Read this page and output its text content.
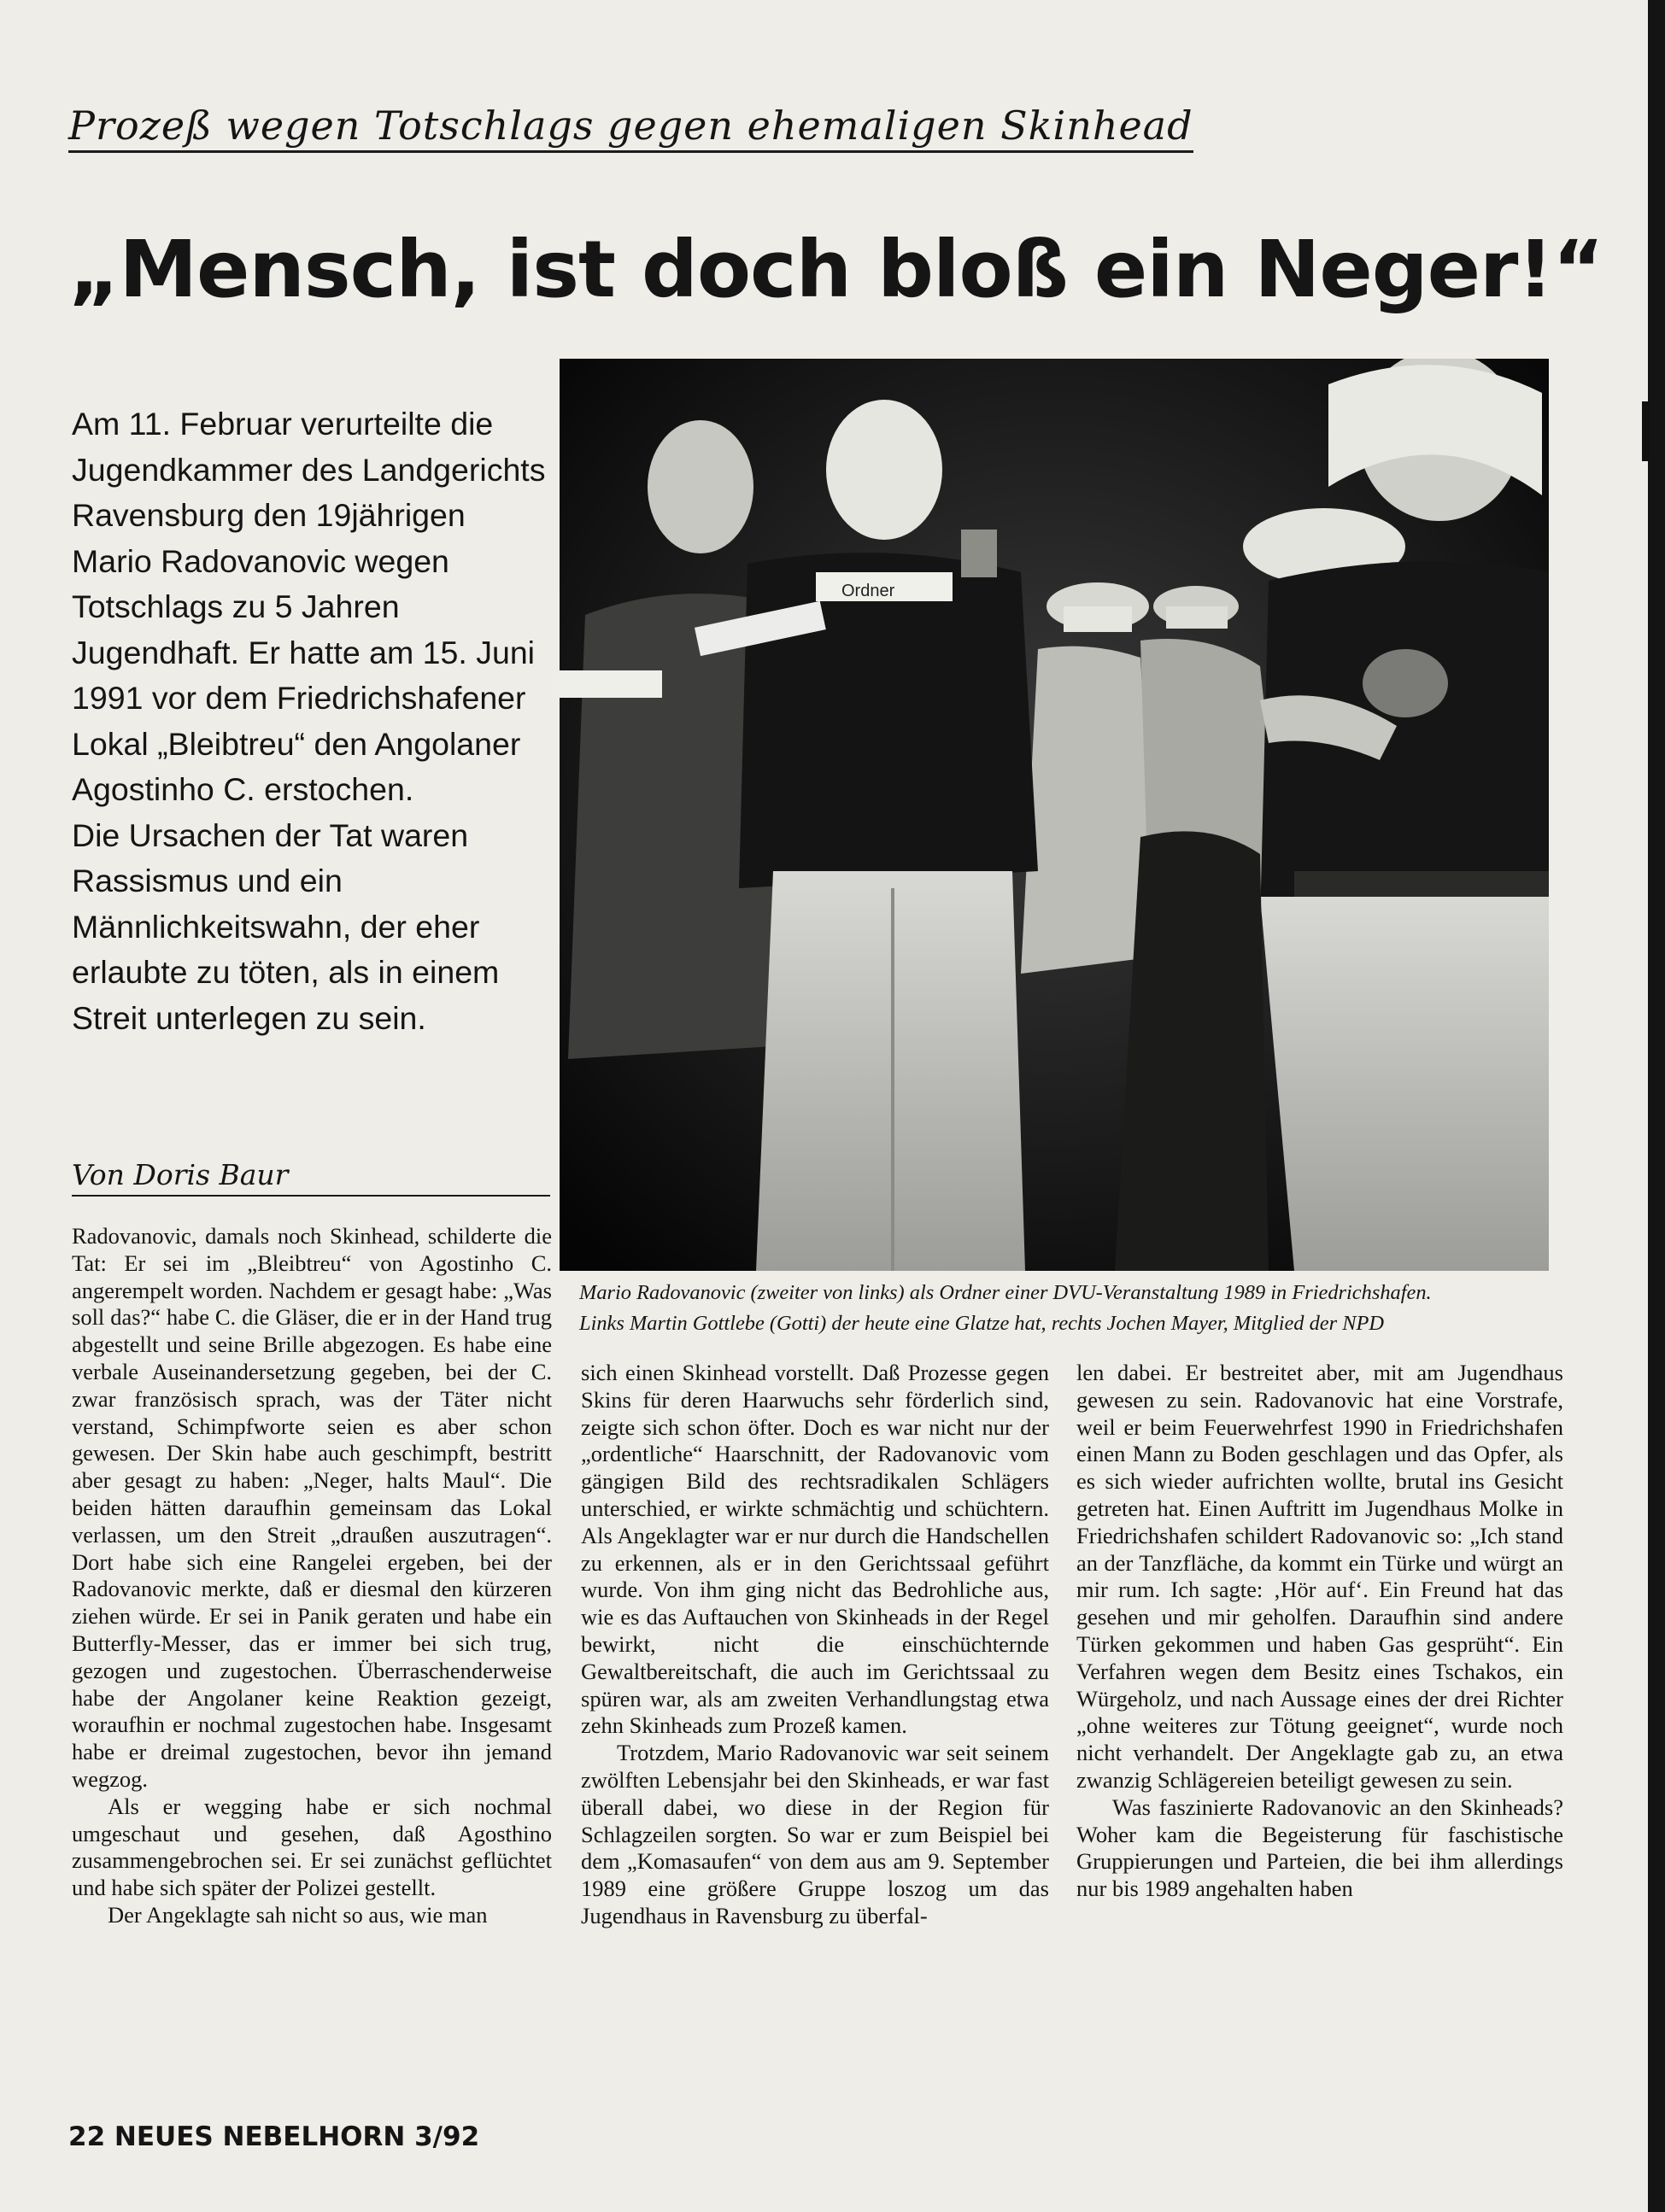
Prozeß wegen Totschlags gegen ehemaligen Skinhead
„Mensch, ist doch bloß ein Neger!“

Am 11. Februar verurteilte die Jugendkammer des Landgerichts Ravensburg den 19jährigen Mario Radovanovic wegen Totschlags zu 5 Jahren Jugendhaft. Er hatte am 15. Juni 1991 vor dem Friedrichshafener Lokal „Bleibtreu“ den Angolaner Agostinho C. erstochen.

Die Ursachen der Tat waren Rassismus und ein Männlichkeitswahn, der eher erlaubte zu töten, als in einem Streit unterlegen zu sein.

Von Doris Baur
Ordner
Mario Radovanovic (zweiter von links) als Ordner einer DVU-Veranstaltung 1989 in Friedrichshafen.
Links Martin Gottlebe (Gotti) der heute eine Glatze hat, rechts Jochen Mayer, Mitglied der NPD

Radovanovic, damals noch Skinhead, schilderte die Tat: Er sei im „Bleibtreu“ von Agostinho C. angerempelt worden. Nachdem er gesagt habe: „Was soll das?“ habe C. die Gläser, die er in der Hand trug abgestellt und seine Brille abgezogen. Es habe eine verbale Auseinandersetzung gegeben, bei der C. zwar französisch sprach, was der Täter nicht verstand, Schimpfworte seien es aber schon gewesen. Der Skin habe auch geschimpft, bestritt aber gesagt zu haben: „Neger, halts Maul“. Die beiden hätten daraufhin gemeinsam das Lokal verlassen, um den Streit „draußen auszutragen“. Dort habe sich eine Rangelei ergeben, bei der Radovanovic merkte, daß er diesmal den kürzeren ziehen würde. Er sei in Panik geraten und habe ein Butterfly-Messer, das er immer bei sich trug, gezogen und zugestochen. Überraschenderweise habe der Angolaner keine Reaktion gezeigt, woraufhin er nochmal zugestochen habe. Insgesamt habe er dreimal zugestochen, bevor ihn jemand wegzog.

Als er wegging habe er sich nochmal umgeschaut und gesehen, daß Agosthino zusammengebrochen sei. Er sei zunächst geflüchtet und habe sich später der Polizei gestellt.

Der Angeklagte sah nicht so aus, wie man

sich einen Skinhead vorstellt. Daß Prozesse gegen Skins für deren Haarwuchs sehr förderlich sind, zeigte sich schon öfter. Doch es war nicht nur der „ordentliche“ Haarschnitt, der Radovanovic vom gängigen Bild des rechtsradikalen Schlägers unterschied, er wirkte schmächtig und schüchtern. Als Angeklagter war er nur durch die Handschellen zu erkennen, als er in den Gerichtssaal geführt wurde. Von ihm ging nicht das Bedrohliche aus, wie es das Auftauchen von Skinheads in der Regel bewirkt, nicht die einschüchternde Gewaltbereitschaft, die auch im Gerichtssaal zu spüren war, als am zweiten Verhandlungstag etwa zehn Skinheads zum Prozeß kamen.

Trotzdem, Mario Radovanovic war seit seinem zwölften Lebensjahr bei den Skinheads, er war fast überall dabei, wo diese in der Region für Schlagzeilen sorgten. So war er zum Beispiel bei dem „Komasaufen“ von dem aus am 9. September 1989 eine größere Gruppe loszog um das Jugendhaus in Ravensburg zu überfal-

len dabei. Er bestreitet aber, mit am Jugendhaus gewesen zu sein. Radovanovic hat eine Vorstrafe, weil er beim Feuerwehrfest 1990 in Friedrichshafen einen Mann zu Boden geschlagen und das Opfer, als es sich wieder aufrichten wollte, brutal ins Gesicht getreten hat. Einen Auftritt im Jugendhaus Molke in Friedrichshafen schildert Radovanovic so: „Ich stand an der Tanzfläche, da kommt ein Türke und würgt an mir rum. Ich sagte: ‚Hör auf‘. Ein Freund hat das gesehen und mir geholfen. Daraufhin sind andere Türken gekommen und haben Gas gesprüht“. Ein Verfahren wegen dem Besitz eines Tschakos, ein Würgeholz, und nach Aussage eines der drei Richter „ohne weiteres zur Tötung geeignet“, wurde noch nicht verhandelt. Der Angeklagte gab zu, an etwa zwanzig Schlägereien beteiligt gewesen zu sein.

Was faszinierte Radovanovic an den Skinheads? Woher kam die Begeisterung für faschistische Gruppierungen und Parteien, die bei ihm allerdings nur bis 1989 angehalten haben

22 NEUES NEBELHORN 3/92
